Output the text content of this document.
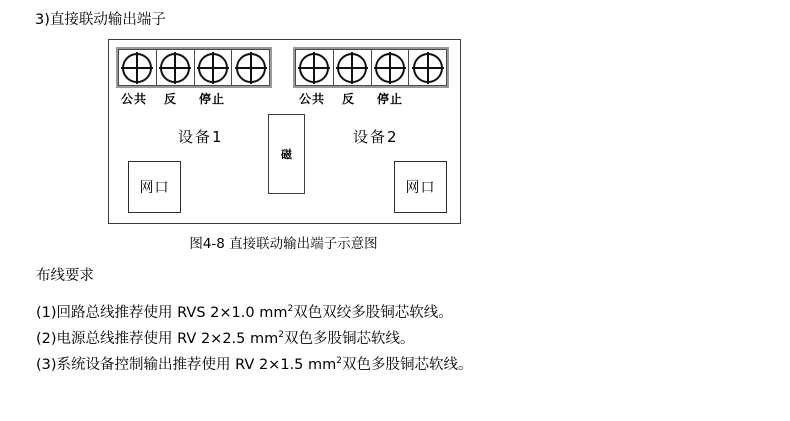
3)直接联动输出端子
公共 反 停止	公共 反 停止
设备1	设备2
磁
网口	网口
图4-8 直接联动输出端子示意图
布线要求
(1)回路总线推荐使用 RVS 2×1.0 $mm^2$双色双绞多股铜芯软线。
(2)电源总线推荐使用 RV 2×2.5 $mm^2$双色多股铜芯软线。
(3)系统设备控制输出推荐使用 RV 2×1.5 $mm^2$双色多股铜芯软线。
